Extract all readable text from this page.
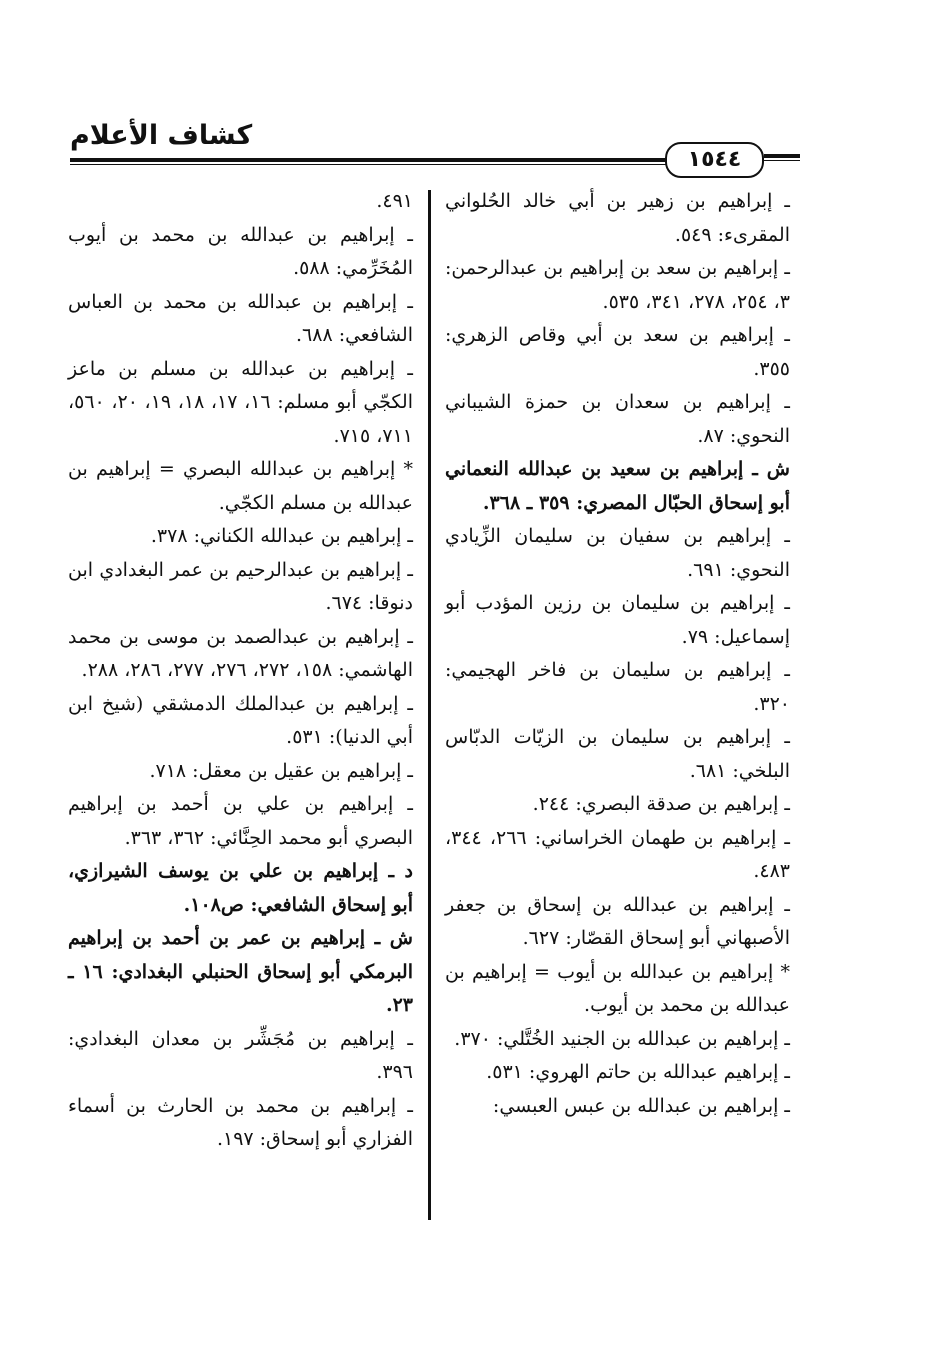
كشاف الأعلام
١٥٤٤

ـ إبراهيم بن زهير بن أبي خالد الحُلواني المقرىء: ٥٤٩.

ـ إبراهيم بن سعد بن إبراهيم بن عبدالرحمن: ٣، ٢٥٤، ٢٧٨، ٣٤١، ٥٣٥.

ـ إبراهيم بن سعد بن أبي وقاص الزهري: ٣٥٥.

ـ إبراهيم بن سعدان بن حمزة الشيباني النحوي: ٨٧.

ش ـ إبراهيم بن سعيد بن عبدالله النعماني أبو إسحاق الحبّال المصري: ٣٥٩ ـ ٣٦٨.

ـ إبراهيم بن سفيان بن سليمان الزِّيادي النحوي: ٦٩١.

ـ إبراهيم بن سليمان بن رزين المؤدب أبو إسماعيل: ٧٩.

ـ إبراهيم بن سليمان بن فاخر الهجيمي: ٣٢٠.

ـ إبراهيم بن سليمان بن الزيّات الدبّاس البلخي: ٦٨١.

ـ إبراهيم بن صدقة البصري: ٢٤٤.

ـ إبراهيم بن طهمان الخراساني: ٢٦٦، ٣٤٤، ٤٨٣.

ـ إبراهيم بن عبدالله بن إسحاق بن جعفر الأصبهاني أبو إسحاق القصّار: ٦٢٧.

* إبراهيم بن عبدالله بن أيوب = إبراهيم بن عبدالله بن محمد بن أيوب.

ـ إبراهيم بن عبدالله بن الجنيد الخُتَّلي: ٣٧٠.

ـ إبراهيم عبدالله بن حاتم الهروي: ٥٣١.

ـ إبراهيم بن عبدالله بن عبس العبسي:

٤٩١.

ـ إبراهيم بن عبدالله بن محمد بن أيوب المُخَرِّمي: ٥٨٨.

ـ إبراهيم بن عبدالله بن محمد بن العباس الشافعي: ٦٨٨.

ـ إبراهيم بن عبدالله بن مسلم بن ماعز الكجّي أبو مسلم: ١٦، ١٧، ١٨، ١٩، ٢٠، ٥٦٠، ٧١١، ٧١٥.

* إبراهيم بن عبدالله البصري = إبراهيم بن عبدالله بن مسلم الكجّي.

ـ إبراهيم بن عبدالله الكناني: ٣٧٨.

ـ إبراهيم بن عبدالرحيم بن عمر البغدادي ابن دنوقا: ٦٧٤.

ـ إبراهيم بن عبدالصمد بن موسى بن محمد الهاشمي: ١٥٨، ٢٧٢، ٢٧٦، ٢٧٧، ٢٨٦، ٢٨٨.

ـ إبراهيم بن عبدالملك الدمشقي (شيخ ابن أبي الدنيا): ٥٣١.

ـ إبراهيم بن عقيل بن معقل: ٧١٨.

ـ إبراهيم بن علي بن أحمد بن إبراهيم البصري أبو محمد الحِنَّائي: ٣٦٢، ٣٦٣.

د ـ إبراهيم بن علي بن يوسف الشيرازي، أبو إسحاق الشافعي: ص١٠٨.

ش ـ إبراهيم بن عمر بن أحمد بن إبراهيم البرمكي أبو إسحاق الحنبلي البغدادي: ١٦ ـ ٢٣.

ـ إبراهيم بن مُجَشِّر بن معدان البغدادي: ٣٩٦.

ـ إبراهيم بن محمد بن الحارث بن أسماء الفزاري أبو إسحاق: ١٩٧.
